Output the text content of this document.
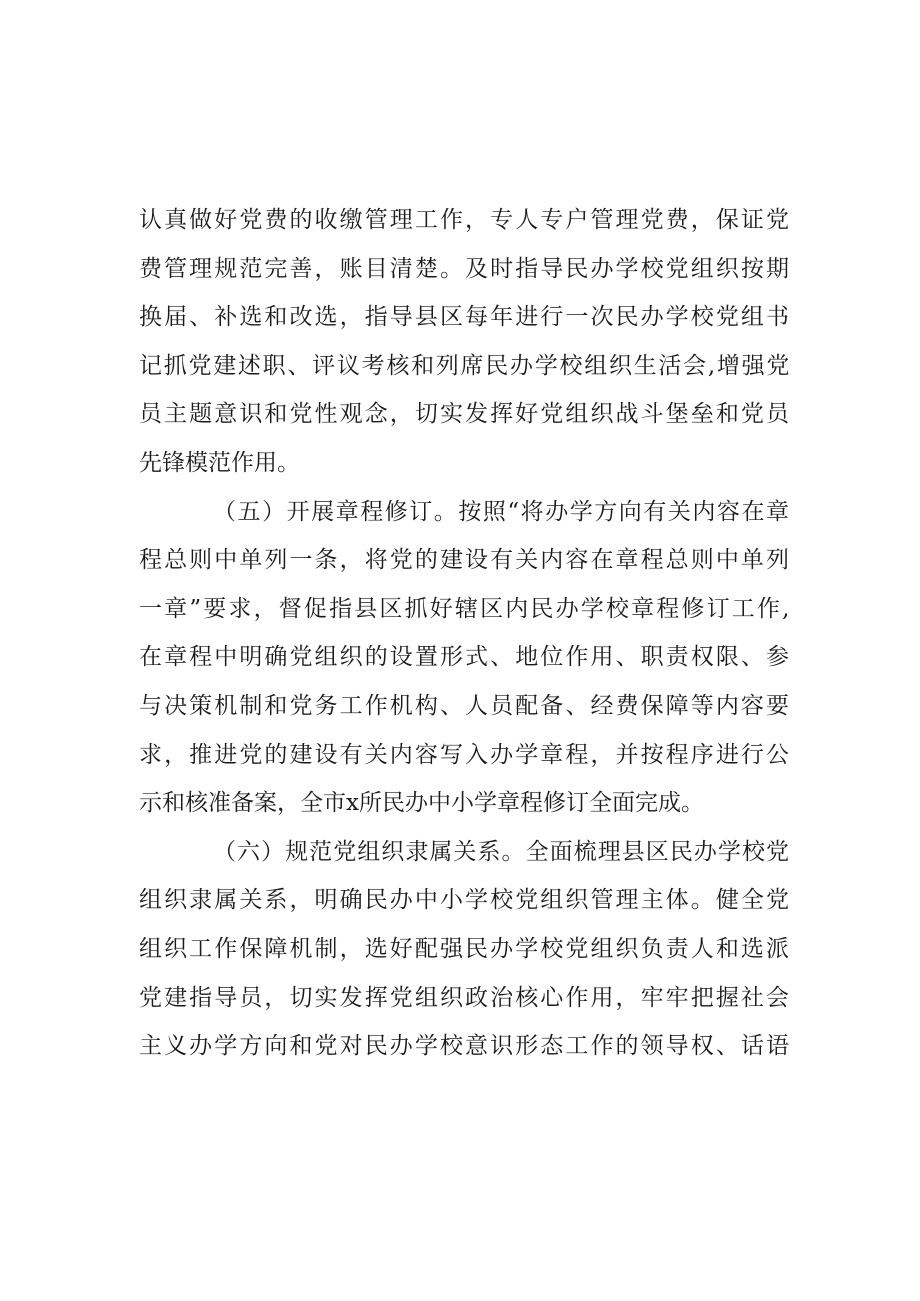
认真做好党费的收缴管理工作，专人专户管理党费，保证党
费管理规范完善，账目清楚。及时指导民办学校党组织按期
换届、补选和改选，指导县区每年进行一次民办学校党组书
记抓党建述职、评议考核和列席民办学校组织生活会,增强党
员主题意识和党性观念，切实发挥好党组织战斗堡垒和党员
先锋模范作用。
（五）开展章程修订。按照“将办学方向有关内容在章
程总则中单列一条，将党的建设有关内容在章程总则中单列
一章”要求，督促指县区抓好辖区内民办学校章程修订工作,
在章程中明确党组织的设置形式、地位作用、职责权限、参
与决策机制和党务工作机构、人员配备、经费保障等内容要
求，推进党的建设有关内容写入办学章程，并按程序进行公
示和核准备案，全市x所民办中小学章程修订全面完成。
（六）规范党组织隶属关系。全面梳理县区民办学校党
组织隶属关系，明确民办中小学校党组织管理主体。健全党
组织工作保障机制，选好配强民办学校党组织负责人和选派
党建指导员，切实发挥党组织政治核心作用，牢牢把握社会
主义办学方向和党对民办学校意识形态工作的领导权、话语
